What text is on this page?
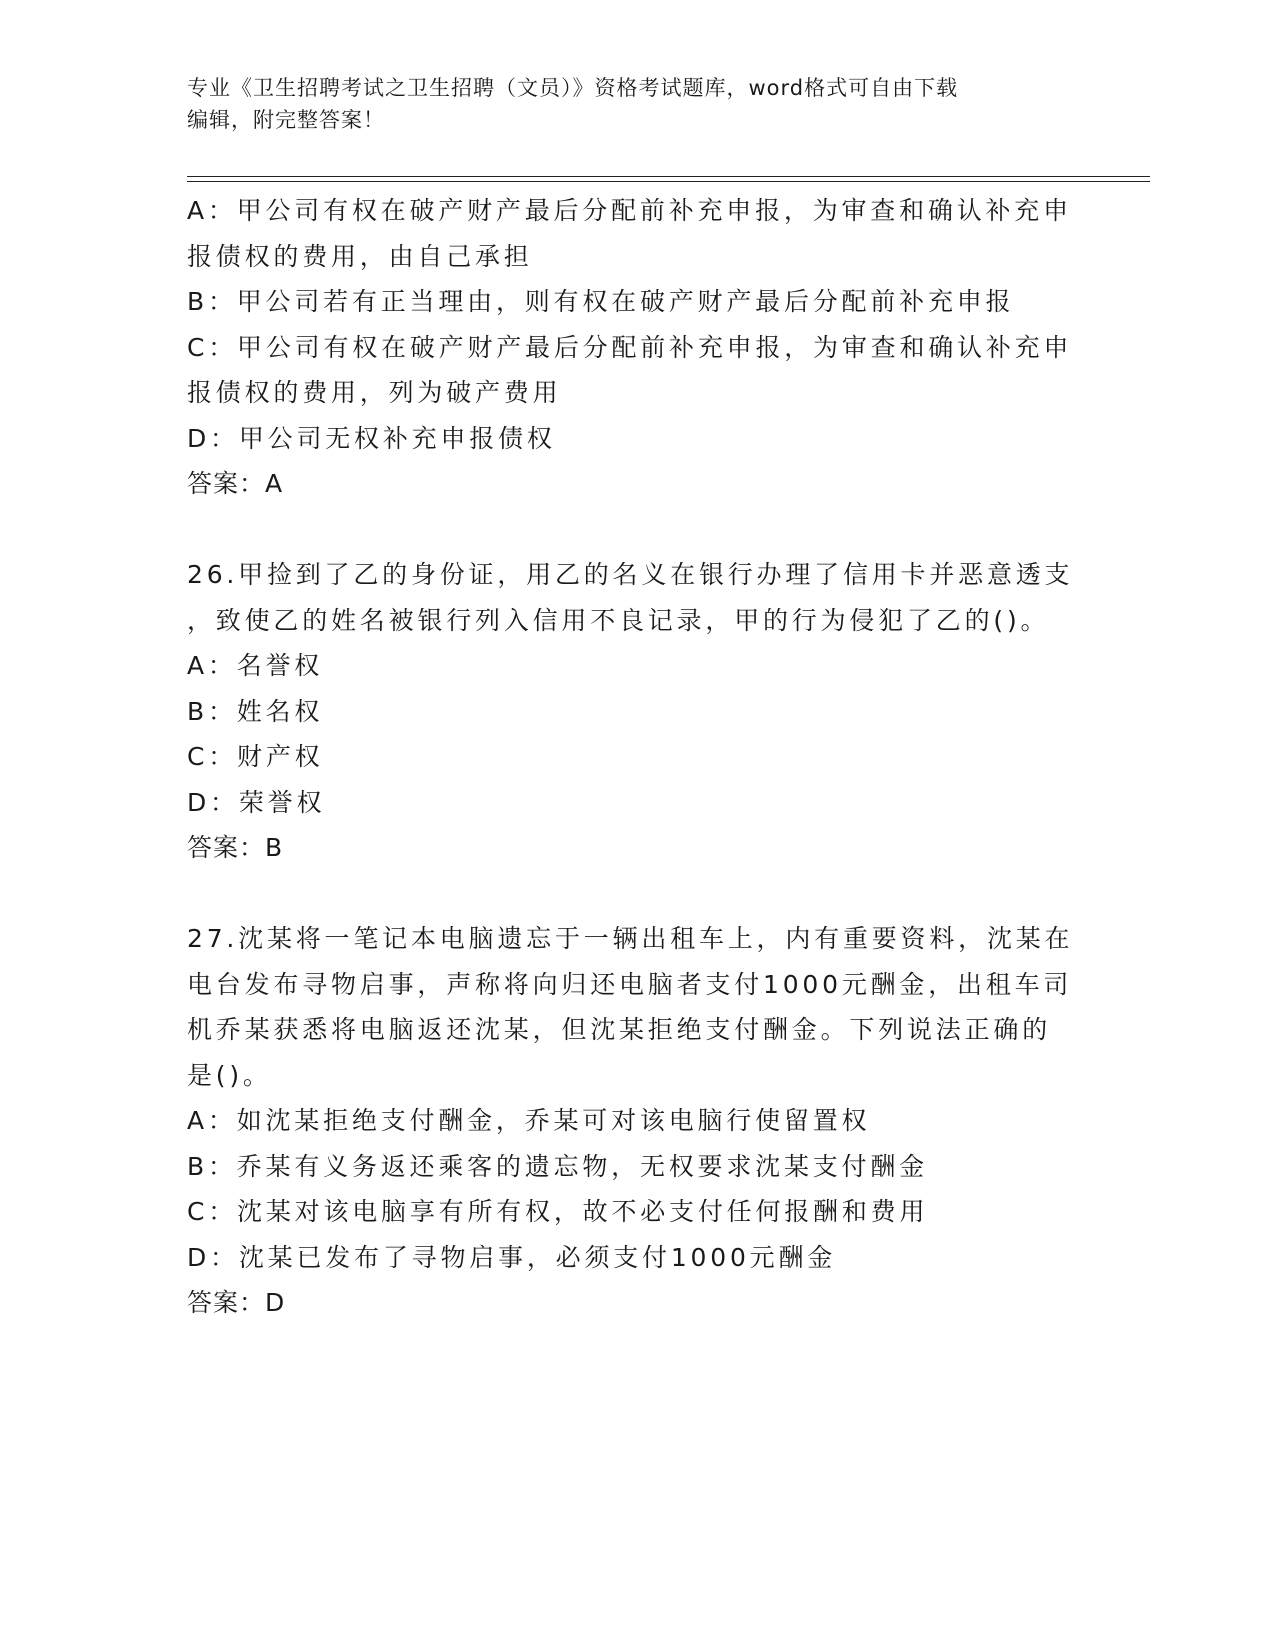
专业《卫生招聘考试之卫生招聘（文员）》资格考试题库，word格式可自由下载
编辑，附完整答案！
A：甲公司有权在破产财产最后分配前补充申报，为审查和确认补充申
报债权的费用，由自己承担
B：甲公司若有正当理由，则有权在破产财产最后分配前补充申报
C：甲公司有权在破产财产最后分配前补充申报，为审查和确认补充申
报债权的费用，列为破产费用
D：甲公司无权补充申报债权
答案：A
26.甲捡到了乙的身份证，用乙的名义在银行办理了信用卡并恶意透支
，致使乙的姓名被银行列入信用不良记录，甲的行为侵犯了乙的()。
A：名誉权
B：姓名权
C：财产权
D：荣誉权
答案：B
27.沈某将一笔记本电脑遗忘于一辆出租车上，内有重要资料，沈某在
电台发布寻物启事，声称将向归还电脑者支付1000元酬金，出租车司
机乔某获悉将电脑返还沈某，但沈某拒绝支付酬金。下列说法正确的
是()。
A：如沈某拒绝支付酬金，乔某可对该电脑行使留置权
B：乔某有义务返还乘客的遗忘物，无权要求沈某支付酬金
C：沈某对该电脑享有所有权，故不必支付任何报酬和费用
D：沈某已发布了寻物启事，必须支付1000元酬金
答案：D
